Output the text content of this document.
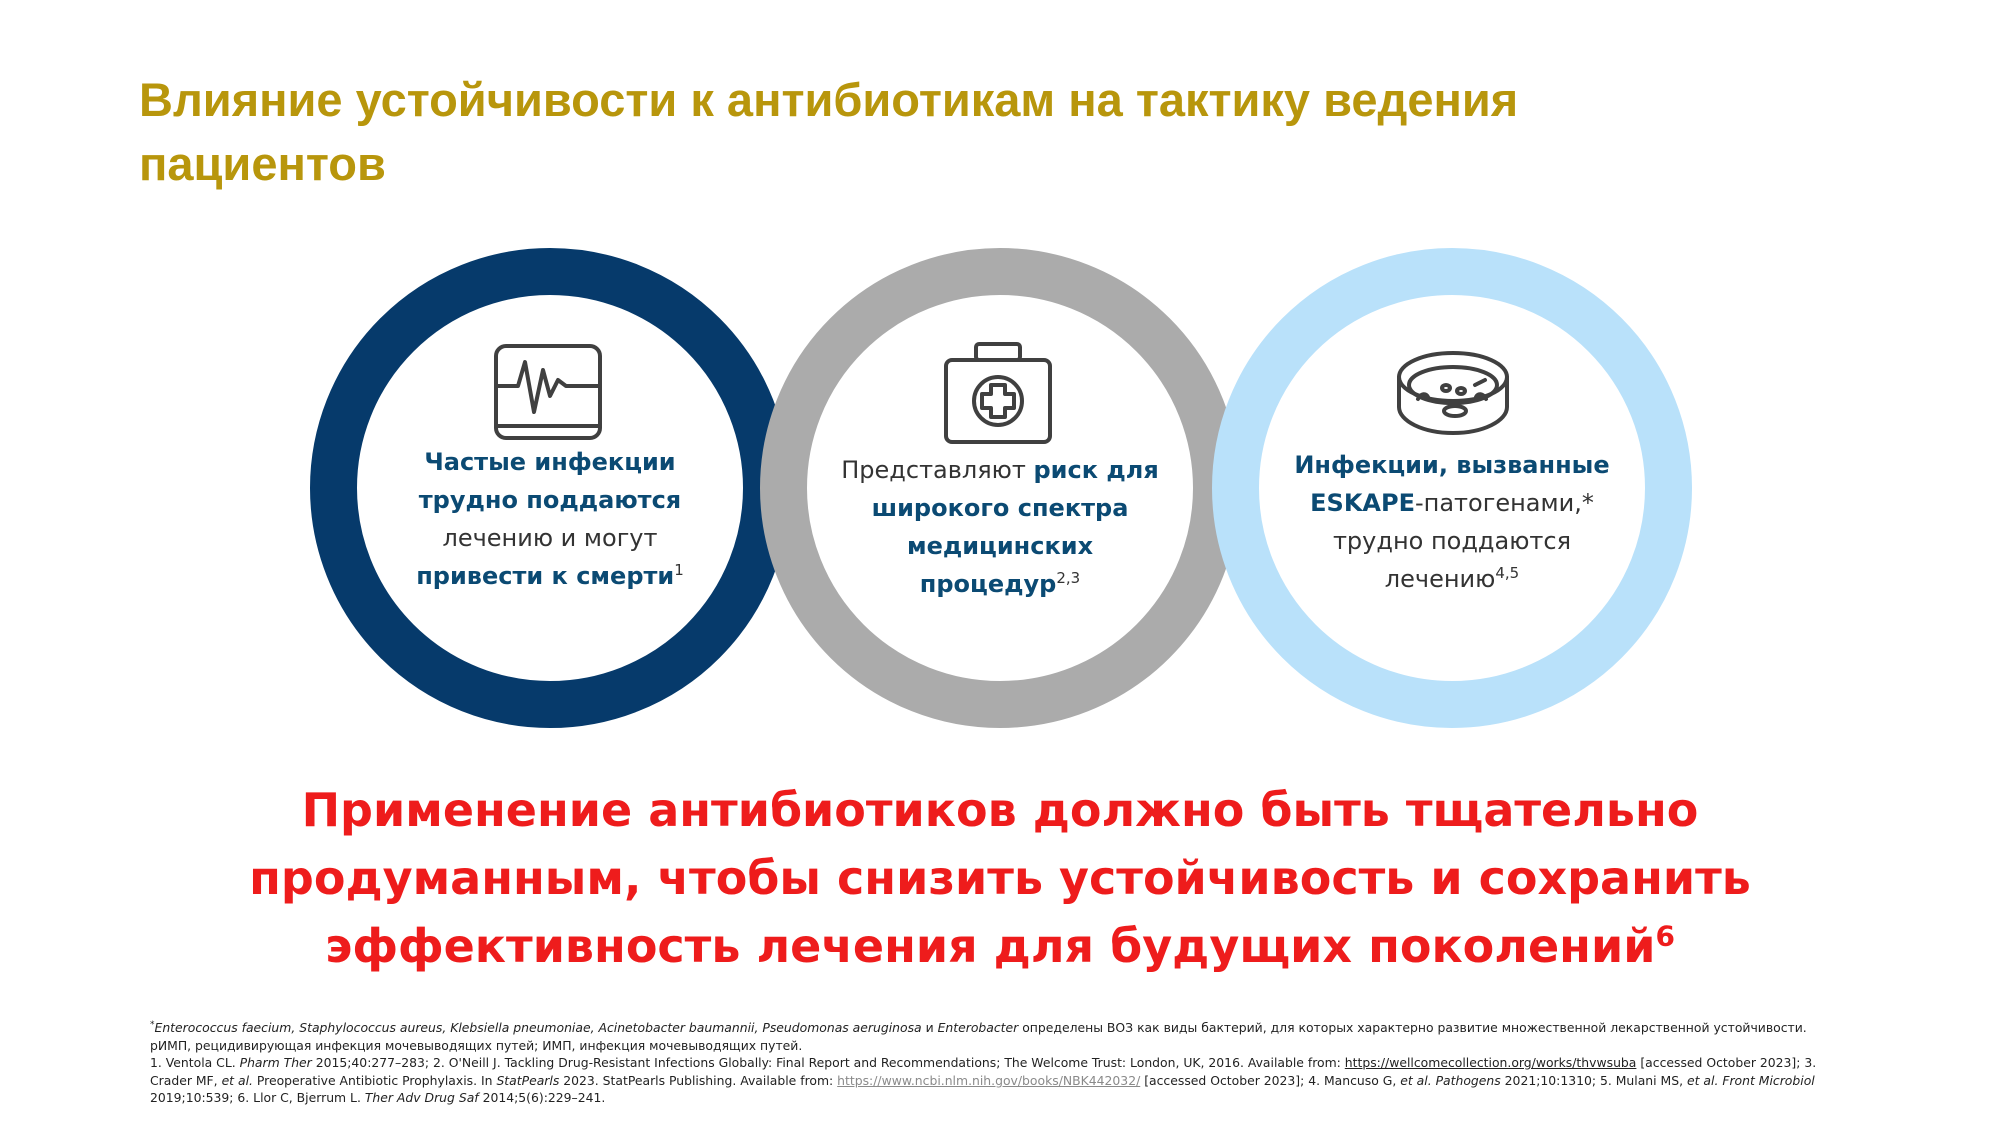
Влияние устойчивости к антибиотикам на тактику ведения пациентов
Частые инфекции трудно поддаются лечению и могут привести к смерти$^1$
Представляют риск для широкого спектра медицинских процедур$^{2,3}$
Инфекции, вызванные ESKAPE-патогенами,* трудно поддаются лечению$^{4,5}$
Применение антибиотиков должно быть тщательно продуманным, чтобы снизить устойчивость и сохранить эффективность лечения для будущих поколений$^6$

*Enterococcus faecium, Staphylococcus aureus, Klebsiella pneumoniae, Acinetobacter baumannii, Pseudomonas aeruginosa и Enterobacter определены ВОЗ как виды бактерий, для которых характерно развитие множественной лекарственной устойчивости.

рИМП, рецидивирующая инфекция мочевыводящих путей; ИМП, инфекция мочевыводящих путей.

1. Ventola CL. Pharm Ther 2015;40:277–283; 2. O'Neill J. Tackling Drug-Resistant Infections Globally: Final Report and Recommendations; The Welcome Trust: London, UK, 2016. Available from: https://wellcomecollection.org/works/thvwsuba [accessed October 2023]; 3. Crader MF, et al. Preoperative Antibiotic Prophylaxis. In StatPearls 2023. StatPearls Publishing. Available from: https://www.ncbi.nlm.nih.gov/books/NBK442032/ [accessed October 2023]; 4. Mancuso G, et al. Pathogens 2021;10:1310; 5. Mulani MS, et al. Front Microbiol 2019;10:539; 6. Llor C, Bjerrum L. Ther Adv Drug Saf 2014;5(6):229–241.
